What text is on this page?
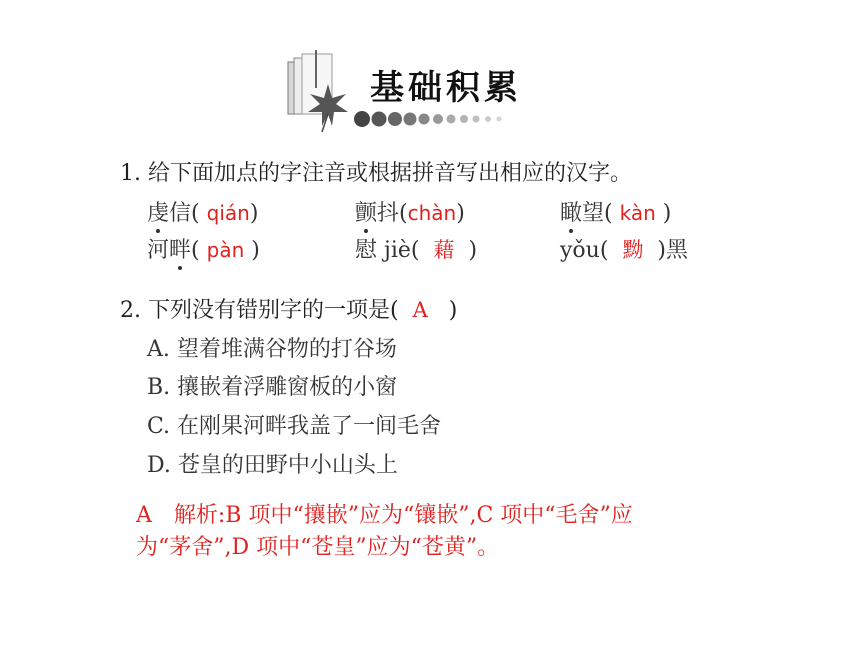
基础积累
1. 给下面加点的字注音或根据拼音写出相应的汉字。
虔信( qián)	颤抖(chàn)	瞰望( kàn )
河畔( pàn )	慰 jiè( 藉  )	yǒu( 黝  )黑
2. 下列没有错别字的一项是( A )
A. 望着堆满谷物的打谷场
B. 攘嵌着浮雕窗板的小窗
C. 在刚果河畔我盖了一间毛舍
D. 苍皇的田野中小山头上
A　解析:B 项中“攘嵌”应为“镶嵌”,C 项中“毛舍”应
为“茅舍”,D 项中“苍皇”应为“苍黄”。
